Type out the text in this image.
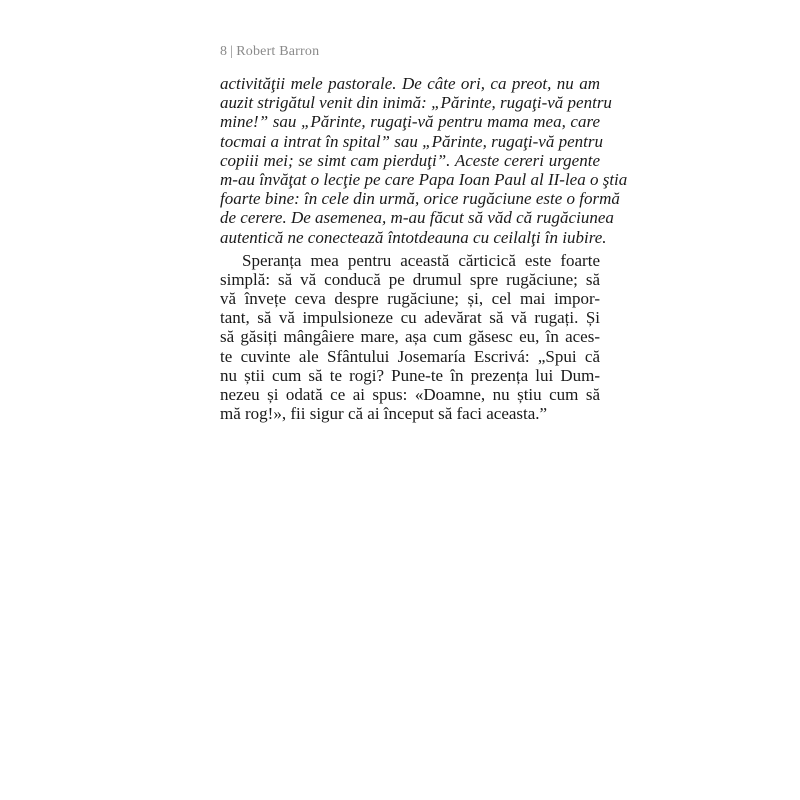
8 | Robert Barron
activităţii mele pastorale. De câte ori, ca preot, nu am
auzit strigătul venit din inimă: „Părinte, rugaţi-vă pentru
mine!” sau „Părinte, rugaţi-vă pentru mama mea, care
tocmai a intrat în spital” sau „Părinte, rugaţi-vă pentru
copiii mei; se simt cam pierduţi”. Aceste cereri urgente
m-au învăţat o lecţie pe care Papa Ioan Paul al II-lea o ştia
foarte bine: în cele din urmă, orice rugăciune este o formă
de cerere. De asemenea, m-au făcut să văd că rugăciunea
autentică ne conectează întotdeauna cu ceilalţi în iubire.
Speranța mea pentru această cărticică este foarte
simplă: să vă conducă pe drumul spre rugăciune; să
vă învețe ceva despre rugăciune; și, cel mai impor-
tant, să vă impulsioneze cu adevărat să vă rugați. Și
să găsiți mângâiere mare, așa cum găsesc eu, în aces-
te cuvinte ale Sfântului Josemaría Escrivá: „Spui că
nu știi cum să te rogi? Pune-te în prezența lui Dum-
nezeu și odată ce ai spus: «Doamne, nu știu cum să
mă rog!», fii sigur că ai început să faci aceasta.”
